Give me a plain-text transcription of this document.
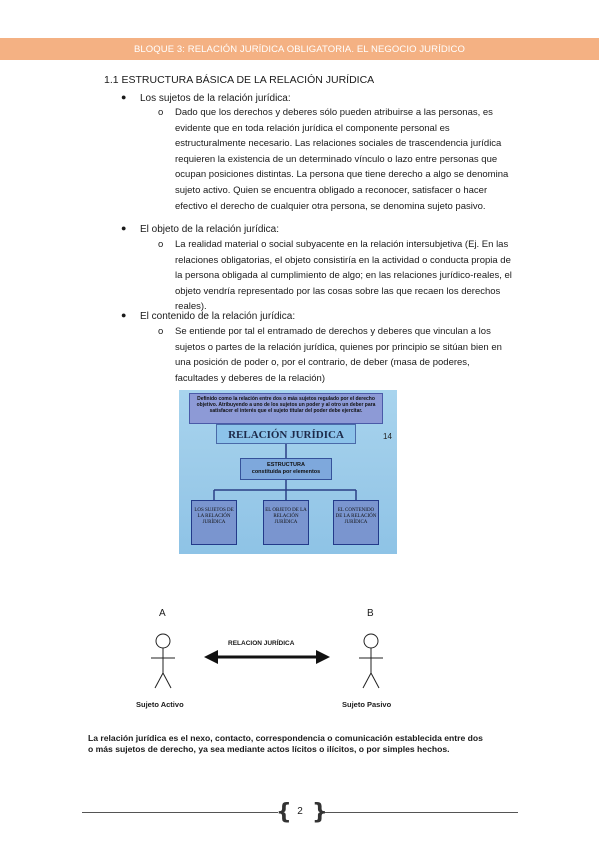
BLOQUE 3: RELACIÓN JURÍDICA OBLIGATORIA. EL NEGOCIO JURÍDICO
1.1 ESTRUCTURA BÁSICA DE LA RELACIÓN JURÍDICA
● Los sujetos de la relación jurídica:
o Dado que los derechos y deberes sólo pueden atribuirse a las personas, es evidente que en toda relación jurídica el componente personal es estructuralmente necesario. Las relaciones sociales de trascendencia jurídica requieren la existencia de un determinado vínculo o lazo entre personas que ocupan posiciones distintas. La persona que tiene derecho a algo se denomina sujeto activo. Quien se encuentra obligado a reconocer, satisfacer o hacer efectivo el derecho de cualquier otra persona, se denomina sujeto pasivo.
● El objeto de la relación jurídica:
o La realidad material o social subyacente en la relación intersubjetiva (Ej. En las relaciones obligatorias, el objeto consistiría en la actividad o conducta propia de la persona obligada al cumplimiento de algo; en las relaciones jurídico-reales, el objeto vendría representado por las cosas sobre las que recaen los derechos reales).
● El contenido de la relación jurídica:
o Se entiende por tal el entramado de derechos y deberes que vinculan a los sujetos o partes de la relación jurídica, quienes por principio se sitúan bien en una posición de poder o, por el contrario, de deber (masa de poderes, facultades y deberes de la relación)
Definido como la relación entre dos o más sujetos regulado por el derecho objetivo. Atribuyendo a uno de los sujetos un poder y al otro un deber para satisfacer el interés que el sujeto titular del poder debe ejercitar.
RELACIÓN JURÍDICA	14
ESTRUCTURA
constituida por elementos
LOS SUJETOS DE LA RELACIÓN JURÍDICA
EL OBJETO DE LA RELACIÓN JURÍDICA
EL CONTENIDO DE LA RELACIÓN JURÍDICA
A	B
RELACION JURÍDICA
Sujeto Activo	Sujeto Pasivo
La relación jurídica es el nexo, contacto, correspondencia o comunicación establecida entre dos o más sujetos de derecho, ya sea mediante actos lícitos o ilícitos, o por simples hechos.
{ }
2
